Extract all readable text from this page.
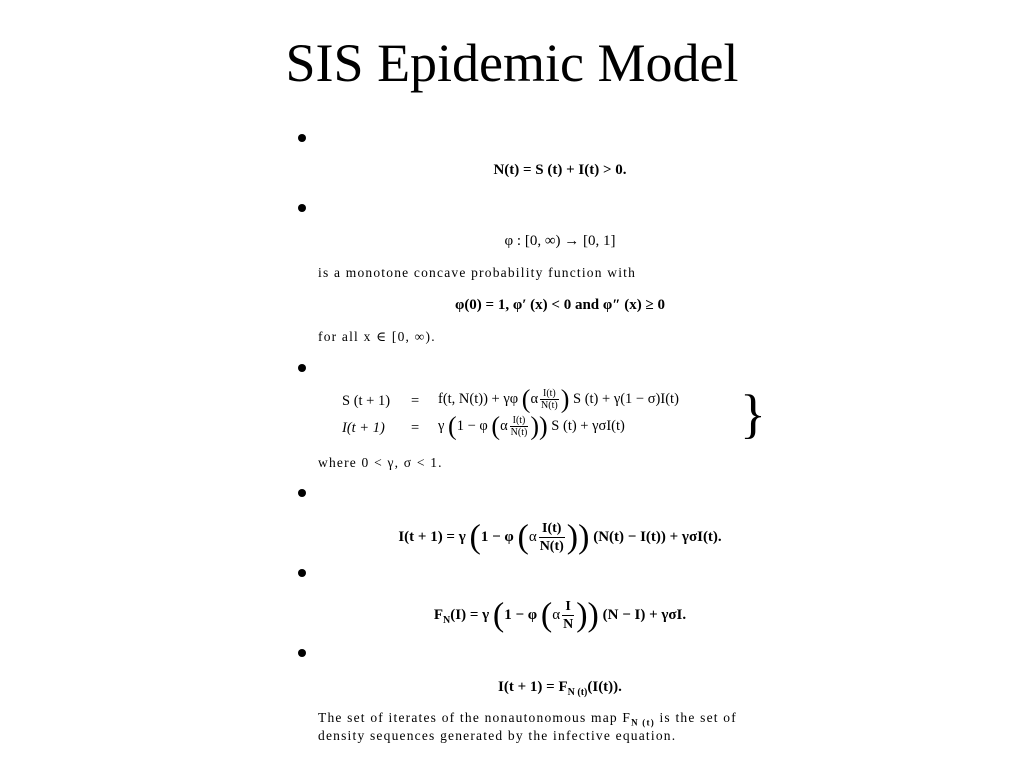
SIS Epidemic Model
N(t) = S (t) + I(t) > 0.
φ : [0, ∞) → [0, 1]
is a monotone concave probability function with
φ(0) = 1, φ′ (x) < 0 and φ″ (x) ≥ 0
for all x ∈ [0, ∞).
S (t + 1) = f(t, N(t)) + γφ ($\alpha \frac{I(t)}{N(t)}$ ) S (t) + γ(1 − σ)I(t)
I(t + 1) = γ (1 − φ ($\alpha \frac{I(t)}{N(t)}$ )) S (t) + γσI(t) }
where 0 < γ, σ < 1.
I(t + 1) = γ (1 − φ ($\alpha \frac{I(t)}{N(t)}$ )) (N(t) − I(t)) + γσI(t).
$F_N(I) = \gamma$ (1 − φ ($\alpha \frac{I}{N}$ )) (N − I) + γσI.
$I(t + 1) = F_{N (t)}(I(t))$.
The set of iterates of the nonautonomous map $F_{N (t)}$ is the set of
density sequences generated by the infective equation.
